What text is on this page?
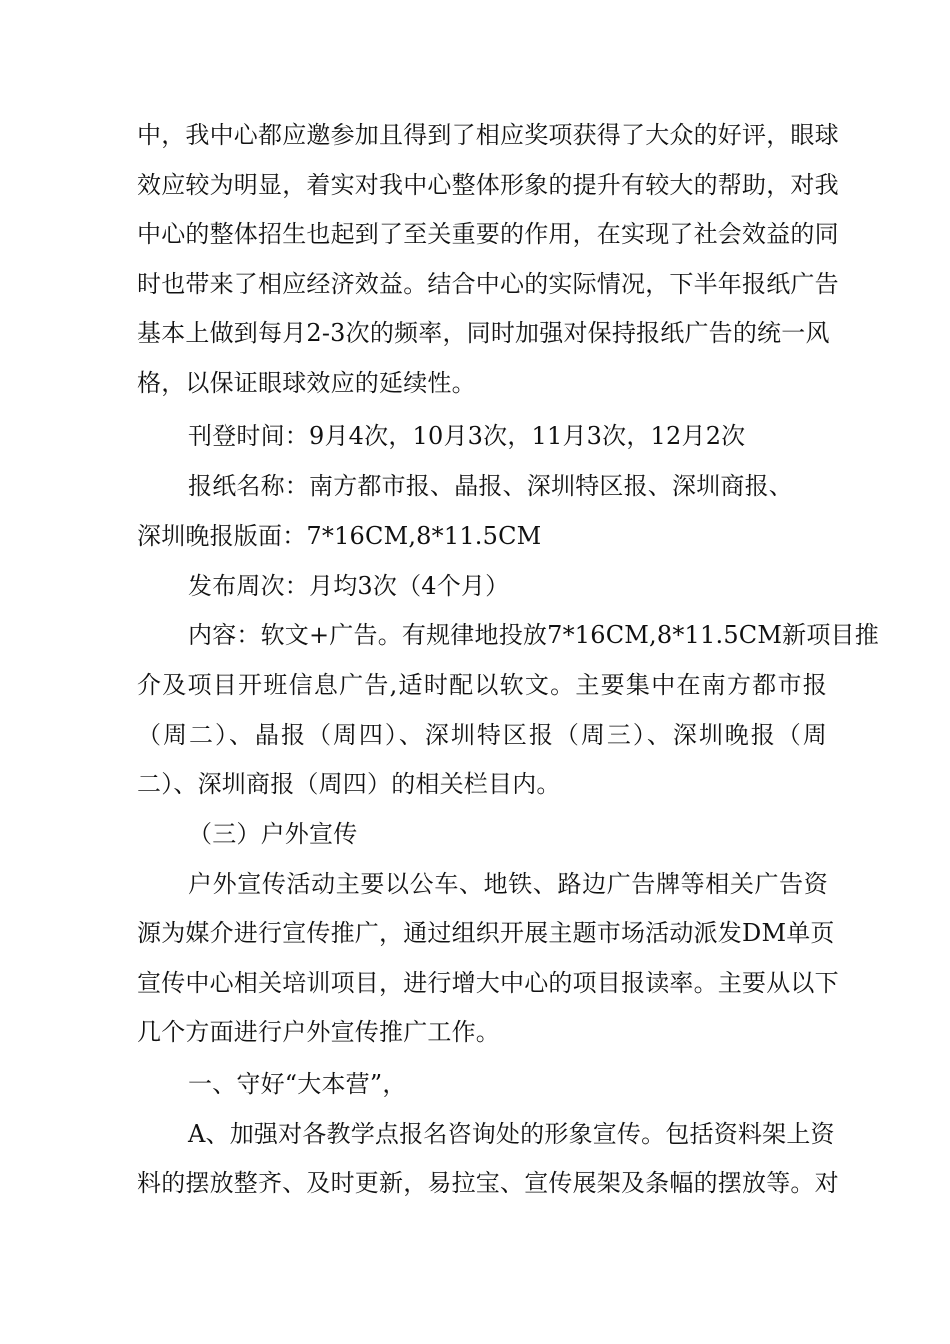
中，我中心都应邀参加且得到了相应奖项获得了大众的好评，眼球
效应较为明显，着实对我中心整体形象的提升有较大的帮助，对我
中心的整体招生也起到了至关重要的作用，在实现了社会效益的同
时也带来了相应经济效益。结合中心的实际情况，下半年报纸广告
基本上做到每月2-3次的频率，同时加强对保持报纸广告的统一风
格，以保证眼球效应的延续性。
刊登时间：9月4次，10月3次，11月3次，12月2次
报纸名称：南方都市报、晶报、深圳特区报、深圳商报、
深圳晚报版面：7*16CM,8*11.5CM
发布周次：月均3次（4个月）
内容：软文+广告。有规律地投放7*16CM,8*11.5CM新项目推
介及项目开班信息广告,适时配以软文。主要集中在南方都市报
（周二）、晶报（周四）、深圳特区报（周三）、深圳晚报（周
二）、深圳商报（周四）的相关栏目内。
（三）户外宣传
户外宣传活动主要以公车、地铁、路边广告牌等相关广告资
源为媒介进行宣传推广，通过组织开展主题市场活动派发DM单页
宣传中心相关培训项目，进行增大中心的项目报读率。主要从以下
几个方面进行户外宣传推广工作。
一、守好“大本营”，
A、加强对各教学点报名咨询处的形象宣传。包括资料架上资
料的摆放整齐、及时更新，易拉宝、宣传展架及条幅的摆放等。对
